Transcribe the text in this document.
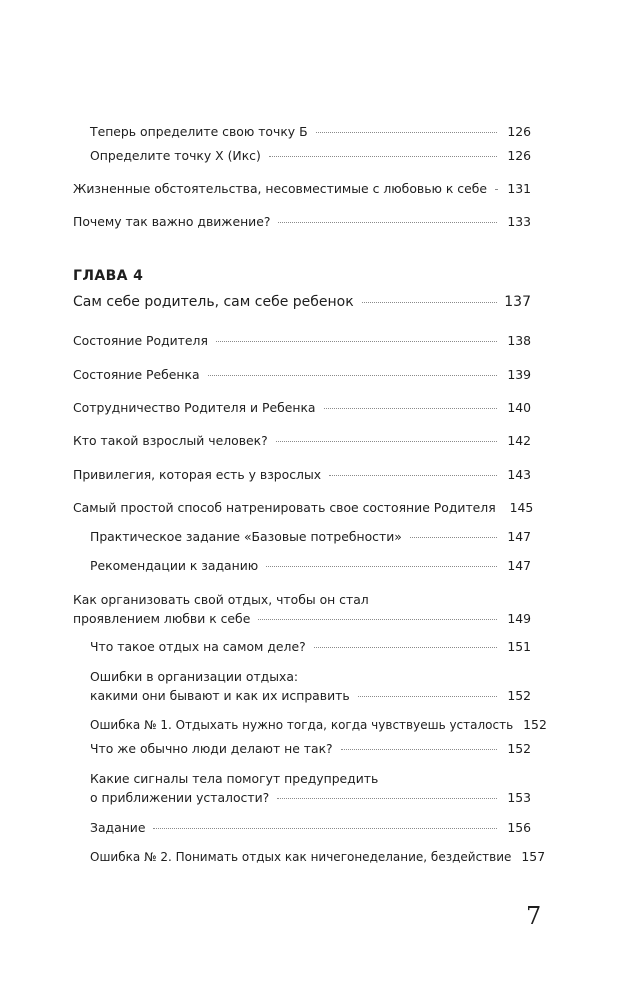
Теперь определите свою точку Б	126
Определите точку X (Икс)	126
Жизненные обстоятельства, несовместимые с любовью к себе	131
Почему так важно движение?	133
ГЛАВА 4
Сам себе родитель, сам себе ребенок	137
Состояние Родителя	138
Состояние Ребенка	139
Сотрудничество Родителя и Ребенка	140
Кто такой взрослый человек?	142
Привилегия, которая есть у взрослых	143
Самый простой способ натренировать свое состояние Родителя 145
Практическое задание «Базовые потребности»	147
Рекомендации к заданию	147
Как организовать свой отдых, чтобы он стал
проявлением любви к себе	149
Что такое отдых на самом деле?	151
Ошибки в организации отдыха:
какими они бывают и как их исправить	152
Ошибка № 1. Отдыхать нужно тогда, когда чувствуешь усталость 152
Что же обычно люди делают не так?	152
Какие сигналы тела помогут предупредить
о приближении усталости?	153
Задание	156
Ошибка № 2. Понимать отдых как ничегонеделание, бездействие 157
7
